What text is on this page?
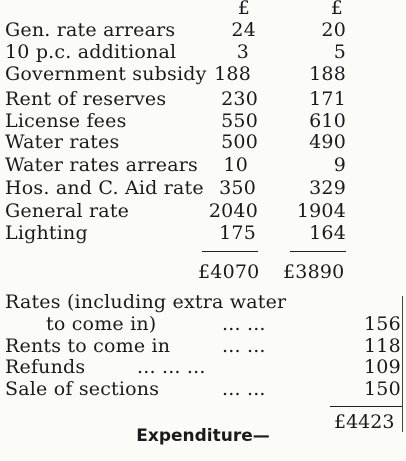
£	£
Gen. rate arrears	24	20
10 p.c. additional	3	5
Government subsidy 188	188
Rent of reserves	230	171
License fees	550	610
Water rates	500	490
Water rates arrears	10	9
Hos. and C. Aid rate 350	329
General rate	2040	1904
Lighting	175	164
£4070 £3890
Rates (including extra water
to come in)	... ...	156
Rents to come in	... ...	118
Refunds	... ... ...	109
Sale of sections	... ...	150
£4423
Expenditure—
